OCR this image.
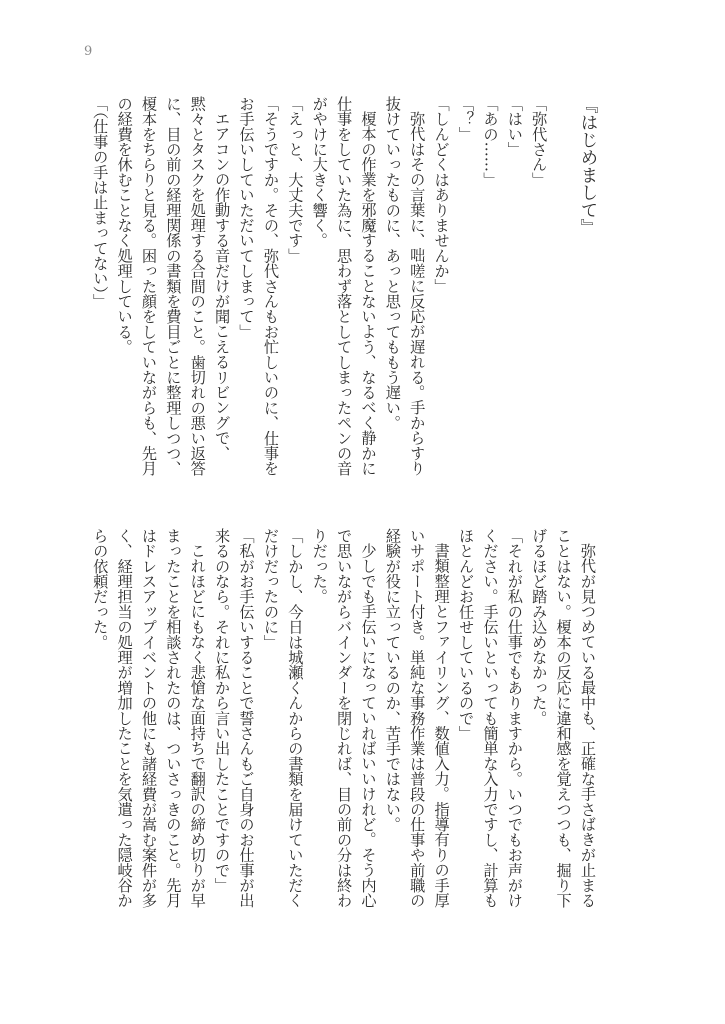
9
『はじめまして』
「弥代さん」
「はい」
「あの……」
「？」
「しんどくはありませんか」
弥代はその言葉に、咄嗟に反応が遅れる。手からすり
抜けていったものに、あっと思ってももう遅い。
榎本の作業を邪魔することないよう、なるべく静かに
仕事をしていた為に、思わず落としてしまったペンの音
がやけに大きく響く。
「えっと、大丈夫です」
「そうですか。その、弥代さんもお忙しいのに、仕事を
お手伝いしていただいてしまって」
エアコンの作動する音だけが聞こえるリビングで、
黙々とタスクを処理する合間のこと。歯切れの悪い返答
に、目の前の経理関係の書類を費目ごとに整理しつつ、
榎本をちらりと見る。困った顔をしていながらも、先月
の経費を休むことなく処理している。
「（仕事の手は止まってない）」
弥代が見つめている最中も、正確な手さばきが止まる
ことはない。榎本の反応に違和感を覚えつつも、掘り下
げるほど踏み込めなかった。
「それが私の仕事でもありますから。いつでもお声がけ
ください。手伝いといっても簡単な入力ですし、計算も
ほとんどお任せしているので」
書類整理とファイリング、数値入力。指導有りの手厚
いサポート付き。単純な事務作業は普段の仕事や前職の
経験が役に立っているのか、苦手ではない。
少しでも手伝いになっていればいいけれど。そう内心
で思いながらバインダーを閉じれば、目の前の分は終わ
りだった。
「しかし、今日は城瀬くんからの書類を届けていただく
だけだったのに」
「私がお手伝いすることで誓さんもご自身のお仕事が出
来るのなら。それに私から言い出したことですので」
これほどにもなく悲愴な面持ちで翻訳の締め切りが早
まったことを相談されたのは、ついさっきのこと。先月
はドレスアップイベントの他にも諸経費が嵩む案件が多
く、経理担当の処理が増加したことを気遣った隠岐谷か
らの依頼だった。
